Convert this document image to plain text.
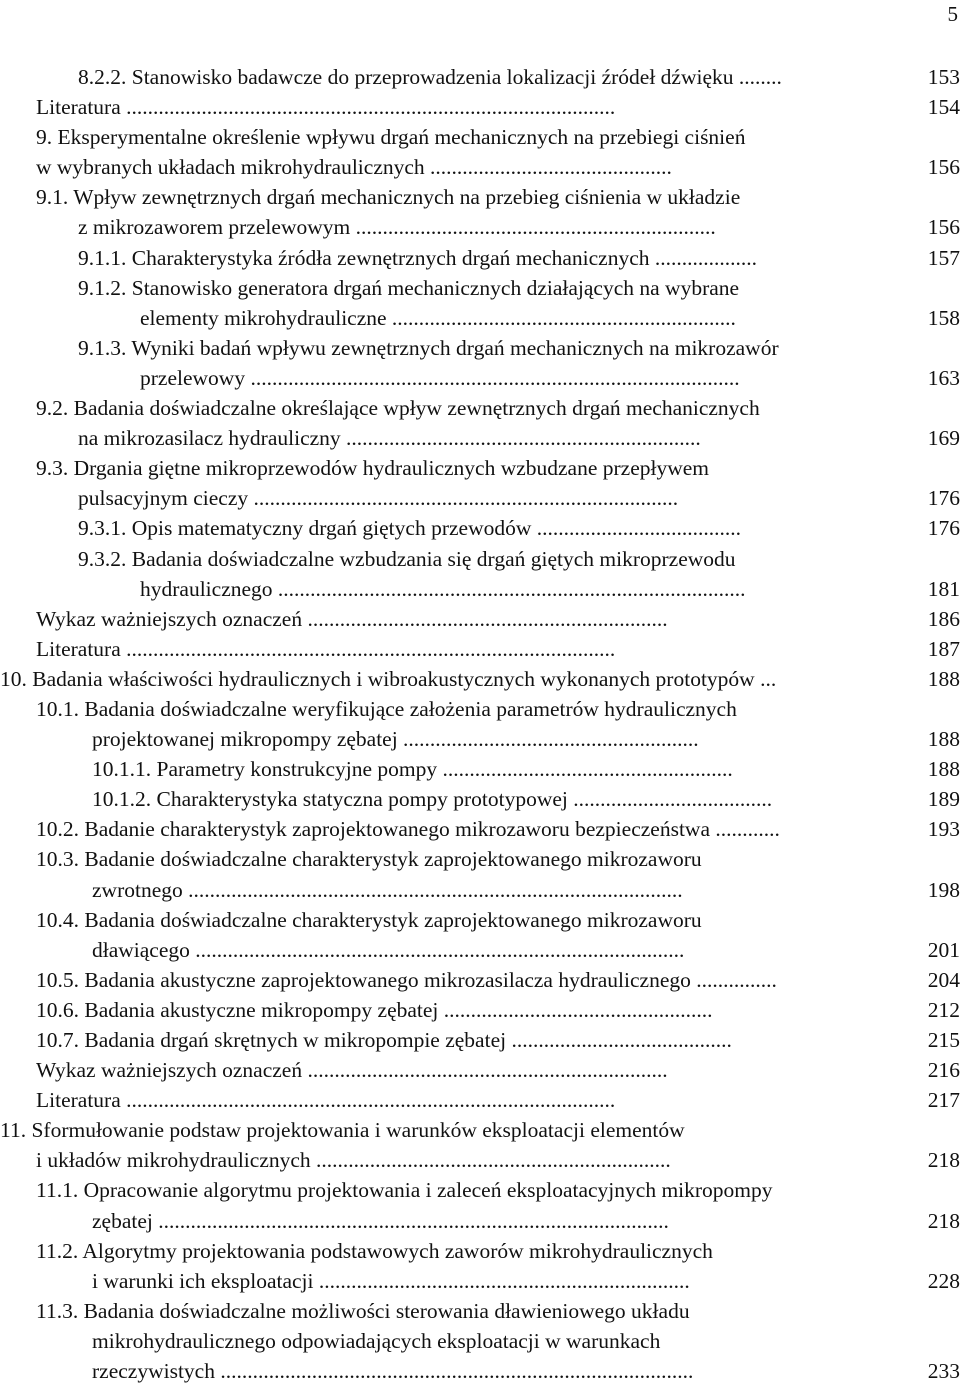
5
8.2.2. Stanowisko badawcze do przeprowadzenia lokalizacji źródeł dźwięku ........	153
Literatura ...........................................................................................	154
9. Eksperymentalne określenie wpływu drgań mechanicznych na przebiegi ciśnień
w wybranych układach mikrohydraulicznych .............................................	156
9.1. Wpływ zewnętrznych drgań mechanicznych na przebieg ciśnienia w układzie
z mikrozaworem przelewowym ...................................................................	156
9.1.1. Charakterystyka źródła zewnętrznych drgań mechanicznych ...................	157
9.1.2. Stanowisko generatora drgań mechanicznych działających na wybrane
elementy mikrohydrauliczne ................................................................	158
9.1.3. Wyniki badań wpływu zewnętrznych drgań mechanicznych na mikrozawór
przelewowy ...........................................................................................	163
9.2. Badania doświadczalne określające wpływ zewnętrznych drgań mechanicznych
na mikrozasilacz hydrauliczny ..................................................................	169
9.3. Drgania giętne mikroprzewodów hydraulicznych wzbudzane przepływem
pulsacyjnym cieczy ...............................................................................	176
9.3.1. Opis matematyczny drgań giętych przewodów ......................................	176
9.3.2. Badania doświadczalne wzbudzania się drgań giętych mikroprzewodu
hydraulicznego .......................................................................................	181
Wykaz ważniejszych oznaczeń ...................................................................	186
Literatura ...........................................................................................	187
10. Badania właściwości hydraulicznych i wibroakustycznych wykonanych prototypów ...	188
10.1. Badania doświadczalne weryfikujące założenia parametrów hydraulicznych
projektowanej mikropompy zębatej .......................................................	188
10.1.1. Parametry konstrukcyjne pompy ......................................................	188
10.1.2. Charakterystyka statyczna pompy prototypowej .....................................	189
10.2. Badanie charakterystyk zaprojektowanego mikrozaworu bezpieczeństwa ............	193
10.3. Badanie doświadczalne charakterystyk zaprojektowanego mikrozaworu
zwrotnego ............................................................................................	198
10.4. Badania doświadczalne charakterystyk zaprojektowanego mikrozaworu
dławiącego ...........................................................................................	201
10.5. Badania akustyczne zaprojektowanego mikrozasilacza hydraulicznego ...............	204
10.6. Badania akustyczne mikropompy zębatej ..................................................	212
10.7. Badania drgań skrętnych w mikropompie zębatej .........................................	215
Wykaz ważniejszych oznaczeń ...................................................................	216
Literatura ...........................................................................................	217
11. Sformułowanie podstaw projektowania i warunków eksploatacji elementów
i układów mikrohydraulicznych ..................................................................	218
11.1. Opracowanie algorytmu projektowania i zaleceń eksploatacyjnych mikropompy
zębatej ...............................................................................................	218
11.2. Algorytmy projektowania podstawowych zaworów mikrohydraulicznych
i warunki ich eksploatacji .....................................................................	228
11.3. Badania doświadczalne możliwości sterowania dławieniowego układu
mikrohydraulicznego odpowiadających eksploatacji w warunkach
rzeczywistych ........................................................................................	233
